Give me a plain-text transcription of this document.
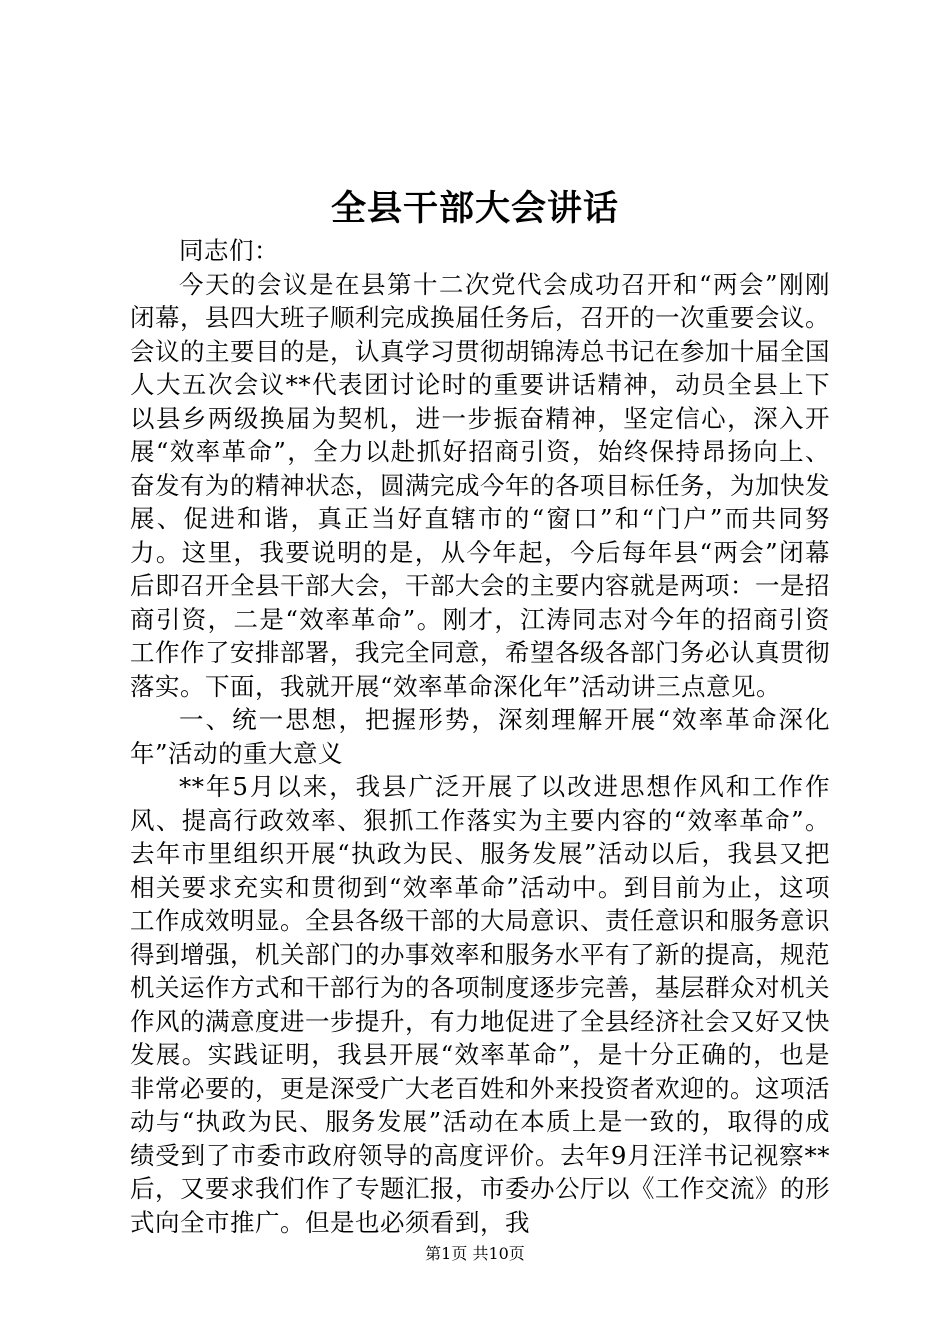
全县干部大会讲话

同志们：

今天的会议是在县第十二次党代会成功召开和“两会”刚刚闭幕，县四大班子顺利完成换届任务后，召开的一次重要会议。会议的主要目的是，认真学习贯彻胡锦涛总书记在参加十届全国人大五次会议**代表团讨论时的重要讲话精神，动员全县上下以县乡两级换届为契机，进一步振奋精神，坚定信心，深入开展“效率革命”，全力以赴抓好招商引资，始终保持昂扬向上、奋发有为的精神状态，圆满完成今年的各项目标任务，为加快发展、促进和谐，真正当好直辖市的“窗口”和“门户”而共同努力。这里，我要说明的是，从今年起，今后每年县“两会”闭幕后即召开全县干部大会，干部大会的主要内容就是两项：一是招商引资，二是“效率革命”。刚才，江涛同志对今年的招商引资工作作了安排部署，我完全同意，希望各级各部门务必认真贯彻落实。下面，我就开展“效率革命深化年”活动讲三点意见。

一、统一思想，把握形势，深刻理解开展“效率革命深化年”活动的重大意义

**年5月以来，我县广泛开展了以改进思想作风和工作作风、提高行政效率、狠抓工作落实为主要内容的“效率革命”。去年市里组织开展“执政为民、服务发展”活动以后，我县又把相关要求充实和贯彻到“效率革命”活动中。到目前为止，这项工作成效明显。全县各级干部的大局意识、责任意识和服务意识得到增强，机关部门的办事效率和服务水平有了新的提高，规范机关运作方式和干部行为的各项制度逐步完善，基层群众对机关作风的满意度进一步提升，有力地促进了全县经济社会又好又快发展。实践证明，我县开展“效率革命”，是十分正确的，也是非常必要的，更是深受广大老百姓和外来投资者欢迎的。这项活动与“执政为民、服务发展”活动在本质上是一致的，取得的成绩受到了市委市政府领导的高度评价。去年9月汪洋书记视察**后，又要求我们作了专题汇报，市委办公厅以《工作交流》的形式向全市推广。但是也必须看到，我

第1页 共10页
